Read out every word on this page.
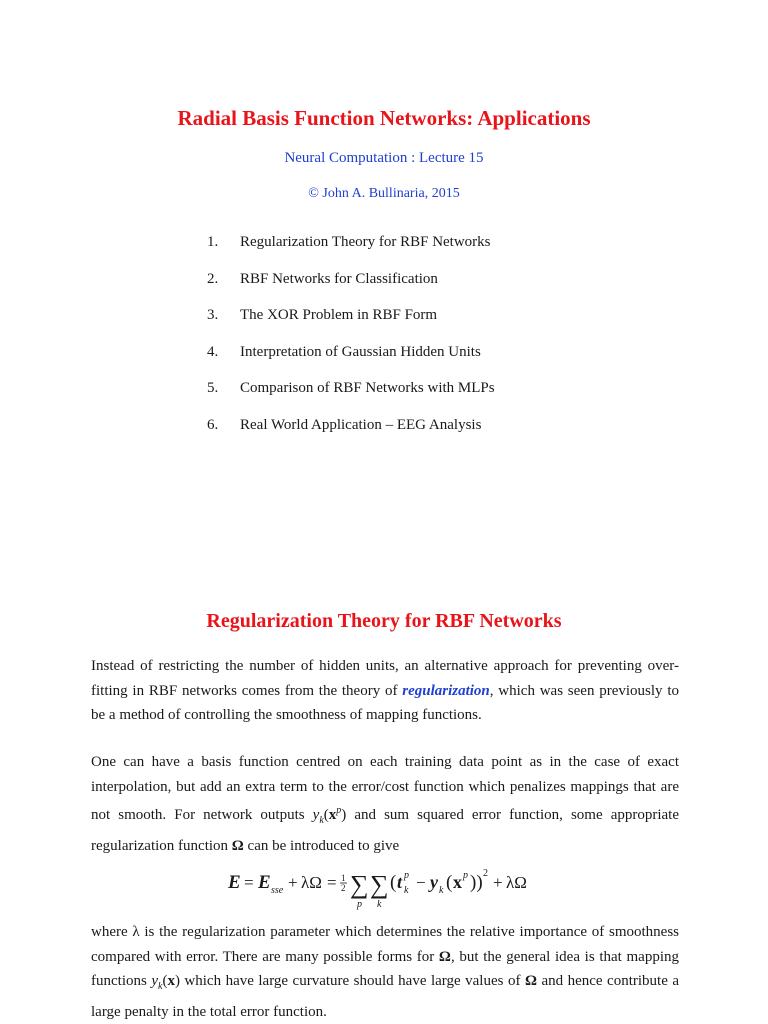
Radial Basis Function Networks: Applications
Neural Computation : Lecture 15
© John A. Bullinaria, 2015
1.	Regularization Theory for RBF Networks
2.	RBF Networks for Classification
3.	The XOR Problem in RBF Form
4.	Interpretation of Gaussian Hidden Units
5.	Comparison of RBF Networks with MLPs
6.	Real World Application – EEG Analysis
Regularization Theory for RBF Networks

Instead of restricting the number of hidden units, an alternative approach for preventing over-fitting in RBF networks comes from the theory of regularization, which was seen previously to be a method of controlling the smoothness of mapping functions.

One can have a basis function centred on each training data point as in the case of exact interpolation, but add an extra term to the error/cost function which penalizes mappings that are not smooth. For network outputs $y_k(x^p)$ and sum squared error function, some appropriate regularization function Ω can be introduced to give

E = E sse + λΩ = 1
2 ∑
p
∑
k
( t p
k − y k ( x p )) 2 + λΩ

where λ is the regularization parameter which determines the relative importance of smoothness compared with error. There are many possible forms for Ω, but the general idea is that mapping functions $y_k(x)$ which have large curvature should have large values of Ω and hence contribute a large penalty in the total error function.
